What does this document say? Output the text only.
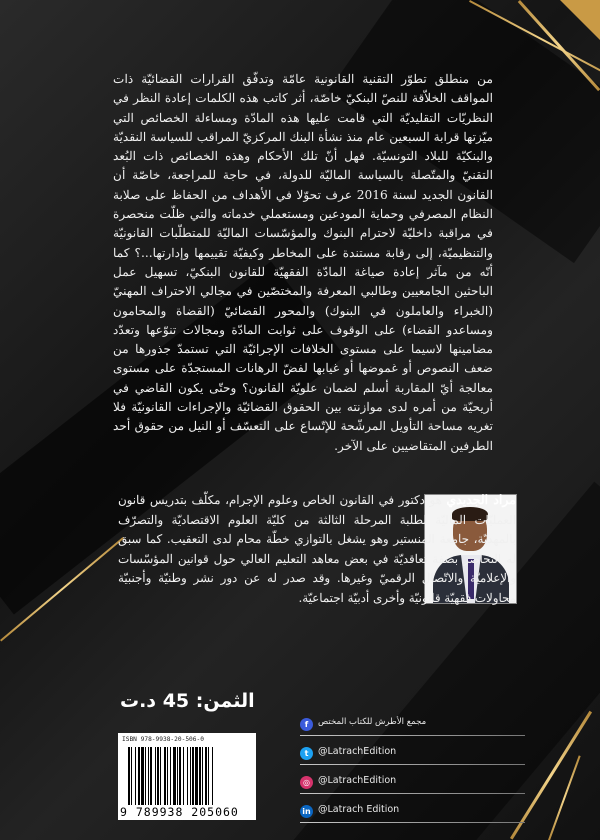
من منطلق تطوّر التقنية القانونية عامّة وتدفّق القرارات القضائيّة ذات المواقف الخلاّقة للنصّ البنكيّ خاصّة، أثر كاتب هذه الكلمات إعادة النظر في النظريّات التقليديّة التي قامت عليها هذه المادّة ومساءلة الخصائص التي ميّزتها قرابة السبعين عام منذ نشأة البنك المركزيّ المراقب للسياسة النقديّة والبنكيّة للبلاد التونسيّة. فهل أنّ تلك الأحكام وهذه الخصائص ذات البُعد التقنيّ والمتّصلة بالسياسة الماليّة للدولة، في حاجة للمراجعة، خاصّة أن القانون الجديد لسنة 2016 عرف تحوّلا في الأهداف من الحفاظ على صلابة النظام المصرفي وحماية المودعين ومستعملي خدماته والتي ظلّت منحصرة في مراقبة داخليّة لاحترام البنوك والمؤسّسات الماليّة للمتطلّبات القانونيّة والتنظيميّة، إلى رقابة مستندة على المخاطر وكيفيّة تقييمها وإدارتها...؟ كما أنّه من مآثر إعادة صياغة المادّة الفقهيّة للقانون البنكيّ، تسهيل عمل الباحثين الجامعيين وطالبي المعرفة والمختصّين في مجالي الاحتراف المهنيّ (الخبراء والعاملون في البنوك) والمحور القضائيّ (القضاة والمحامون ومساعدو القضاء) على الوقوف على ثوابت المادّة ومجالات تنوّعها وتعدّد مضامينها لاسيما على مستوى الخلافات الإجرائيّة التي تستمدّ جذورها من ضعف النصوص أو غموضها أو غيابها لفضّ الرهانات المستجدّة على مستوى معالجة أيّ المقاربة أسلم لضمان علويّة القانون؟ وحتّى يكون القاضي في أريحيّة من أمره لدى موازنته بين الحقوق القضائيّة والإجراءات القانونيّة فلا تغريه مساحة التأويل المرشّحة للإتّساع على التعسّف أو النيل من حقوق أحد الطرفين المتقاضيين على الآخر.
مراد الجديدي هو دكتور في القانون الخاص وعلوم الإجرام، مكلّف بتدريس قانون العمليّات الماليّة لطلبة المرحلة الثالثة من كليّة العلوم الاقتصاديّة والتصرّف بالمهديّة، جامعة المنستير وهو يشغل بالتوازي خطّة محام لدى التعقيب. كما سبق له التحاضر بصفة تعاقديّة في بعض معاهد التعليم العالي حول قوانين المؤسّسات والإعلاميّة والاتّصال الرقميّ وغيرها. وقد صدر له عن دور نشر وطنيّة وأجنبيّة محاولات فقهيّة قانونيّة وأخرى أدبيّة اجتماعيّة.
الثمن: 45 د.ت
ISBN 978-9938-20-506-0
9 789938 205060
f	مجمع الأطرش للكتاب المختص
t	@LatrachEdition
◎ @LatrachEdition
in @Latrach Edition
